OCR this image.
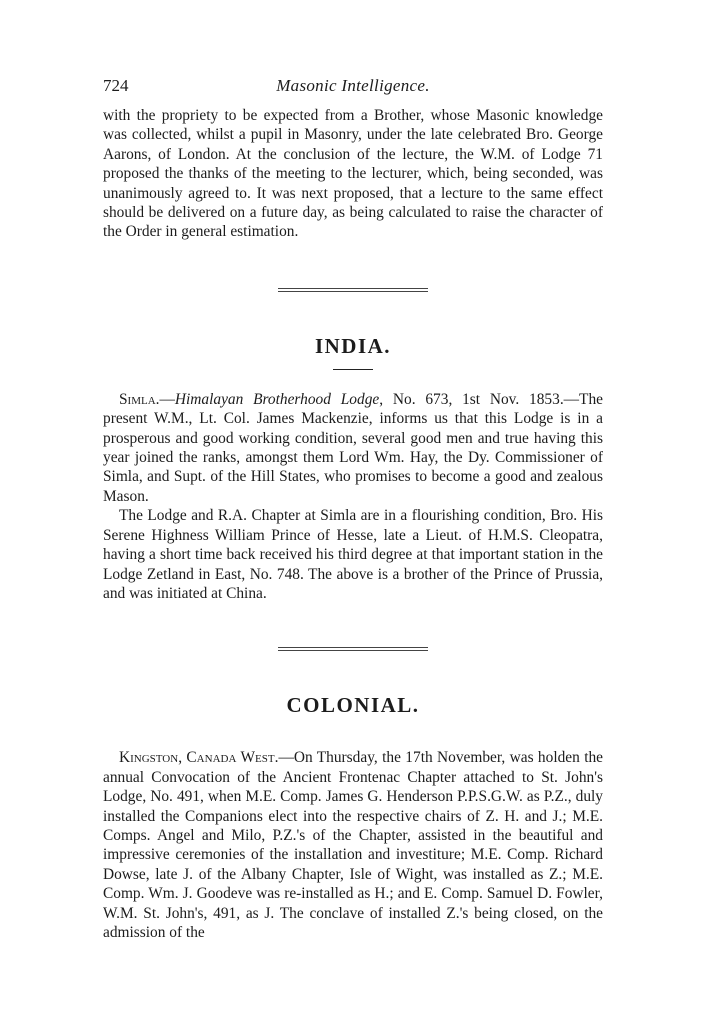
724	Masonic Intelligence.

with the propriety to be expected from a Brother, whose Masonic knowledge was collected, whilst a pupil in Masonry, under the late celebrated Bro. George Aarons, of London. At the conclusion of the lecture, the W.M. of Lodge 71 proposed the thanks of the meeting to the lecturer, which, being seconded, was unanimously agreed to. It was next proposed, that a lecture to the same effect should be delivered on a future day, as being calculated to raise the character of the Order in general estimation.

INDIA.

Simla.—Himalayan Brotherhood Lodge, No. 673, 1st Nov. 1853.—The present W.M., Lt. Col. James Mackenzie, informs us that this Lodge is in a prosperous and good working condition, several good men and true having this year joined the ranks, amongst them Lord Wm. Hay, the Dy. Commissioner of Simla, and Supt. of the Hill States, who promises to become a good and zealous Mason.

The Lodge and R.A. Chapter at Simla are in a flourishing condition, Bro. His Serene Highness William Prince of Hesse, late a Lieut. of H.M.S. Cleopatra, having a short time back received his third degree at that important station in the Lodge Zetland in East, No. 748. The above is a brother of the Prince of Prussia, and was initiated at China.

COLONIAL.

Kingston, Canada West.—On Thursday, the 17th November, was holden the annual Convocation of the Ancient Frontenac Chapter attached to St. John's Lodge, No. 491, when M.E. Comp. James G. Henderson P.P.S.G.W. as P.Z., duly installed the Companions elect into the respective chairs of Z. H. and J.; M.E. Comps. Angel and Milo, P.Z.'s of the Chapter, assisted in the beautiful and impressive ceremonies of the installation and investiture; M.E. Comp. Richard Dowse, late J. of the Albany Chapter, Isle of Wight, was installed as Z.; M.E. Comp. Wm. J. Goodeve was re-installed as H.; and E. Comp. Samuel D. Fowler, W.M. St. John's, 491, as J. The conclave of installed Z.'s being closed, on the admission of the
